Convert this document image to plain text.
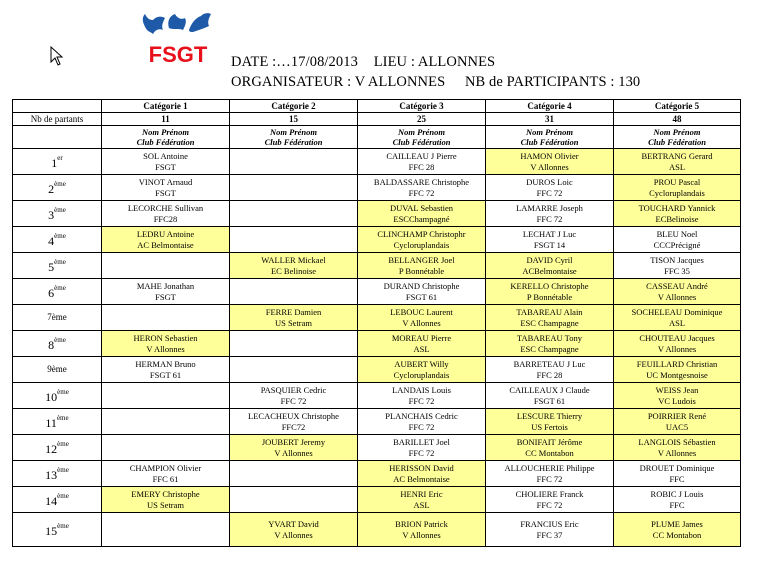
FSGT DATE :…17/08/2013 LIEU : ALLONNES
ORGANISATEUR : V ALLONNES NB de PARTICIPANTS : 130
	Catégorie 1	Catégorie 2	Catégorie 3	Catégorie 4	Catégorie 5
Nb de partants	11	15	25	31	48

	Nom Prénom
Club Fédération	Nom Prénom
Club Fédération	Nom Prénom
Club Fédération	Nom Prénom
Club Fédération	Nom Prénom
Club Fédération

1er	SOL Antoine
FSGT		CAILLEAU J Pierre
FFC 28	HAMON Olivier
V Allonnes	BERTRANG Gerard
ASL

2ème	VINOT Arnaud
FSGT		BALDASSARE Christophe
FFC 72	DUROS Loic
FFC 72	PROU Pascal
Cycloruplandais

3ème	LECORCHE Sullivan
FFC28		DUVAL Sebastien
ESCChampagné	LAMARRE Joseph
FFC 72	TOUCHARD Yannick
ECBelinoise

4ème	LEDRU Antoine
AC Belmontaise		CLINCHAMP Christophr
Cycloruplandais	LECHAT J Luc
FSGT 14	BLEU Noel
CCCPrécigné

5ème		WALLER Mickael
EC Belinoise	BELLANGER Joel
P Bonnétable	DAVID Cyril
ACBelmontaise	TISON Jacques
FFC 35

6ème	MAHE Jonathan
FSGT		DURAND Christophe
FSGT 61	KERELLO Christophe
P Bonnétable	CASSEAU André
V Allonnes

7ème		FERRE Damien
US Setram	LEBOUC Laurent
V Allonnes	TABAREAU Alain
ESC Champagne	SOCHELEAU Dominique
ASL

8ème	HERON Sebastien
V Allonnes		MOREAU Pierre
ASL	TABAREAU Tony
ESC Champagne	CHOUTEAU Jacques
V Allonnes

9ème	HERMAN Bruno
FSGT 61		AUBERT Willy
Cycloruplandais	BARRETEAU J Luc
FFC 28	FEUILLARD Christian
UC Montgesnoise

10ème		PASQUIER Cedric
FFC 72	LANDAIS Louis
FFC 72	CAILLEAUX J Claude
FSGT 61	WEISS Jean
VC Ludois

11ème		LECACHEUX Christophe
FFC72	PLANCHAIS Cedric
FFC 72	LESCURE Thierry
US Fertois	POIRRIER René
UAC5

12ème		JOUBERT Jeremy
V Allonnes	BARILLET Joel
FFC 72	BONIFAIT Jérôme
CC Montabon	LANGLOIS Sébastien
V Allonnes

13ème	CHAMPION Olivier
FFC 61		HERISSON David
AC Belmontaise	ALLOUCHERIE Philippe
FFC 72	DROUET Dominique
FFC

14ème	EMERY Christophe
US Setram		HENRI Eric
ASL	CHOLIERE Franck
FFC 72	ROBIC J Louis
FFC

15ème		YVART David
V Allonnes	BRION Patrick
V Allonnes	FRANCIUS Eric
FFC 37	PLUME James
CC Montabon
